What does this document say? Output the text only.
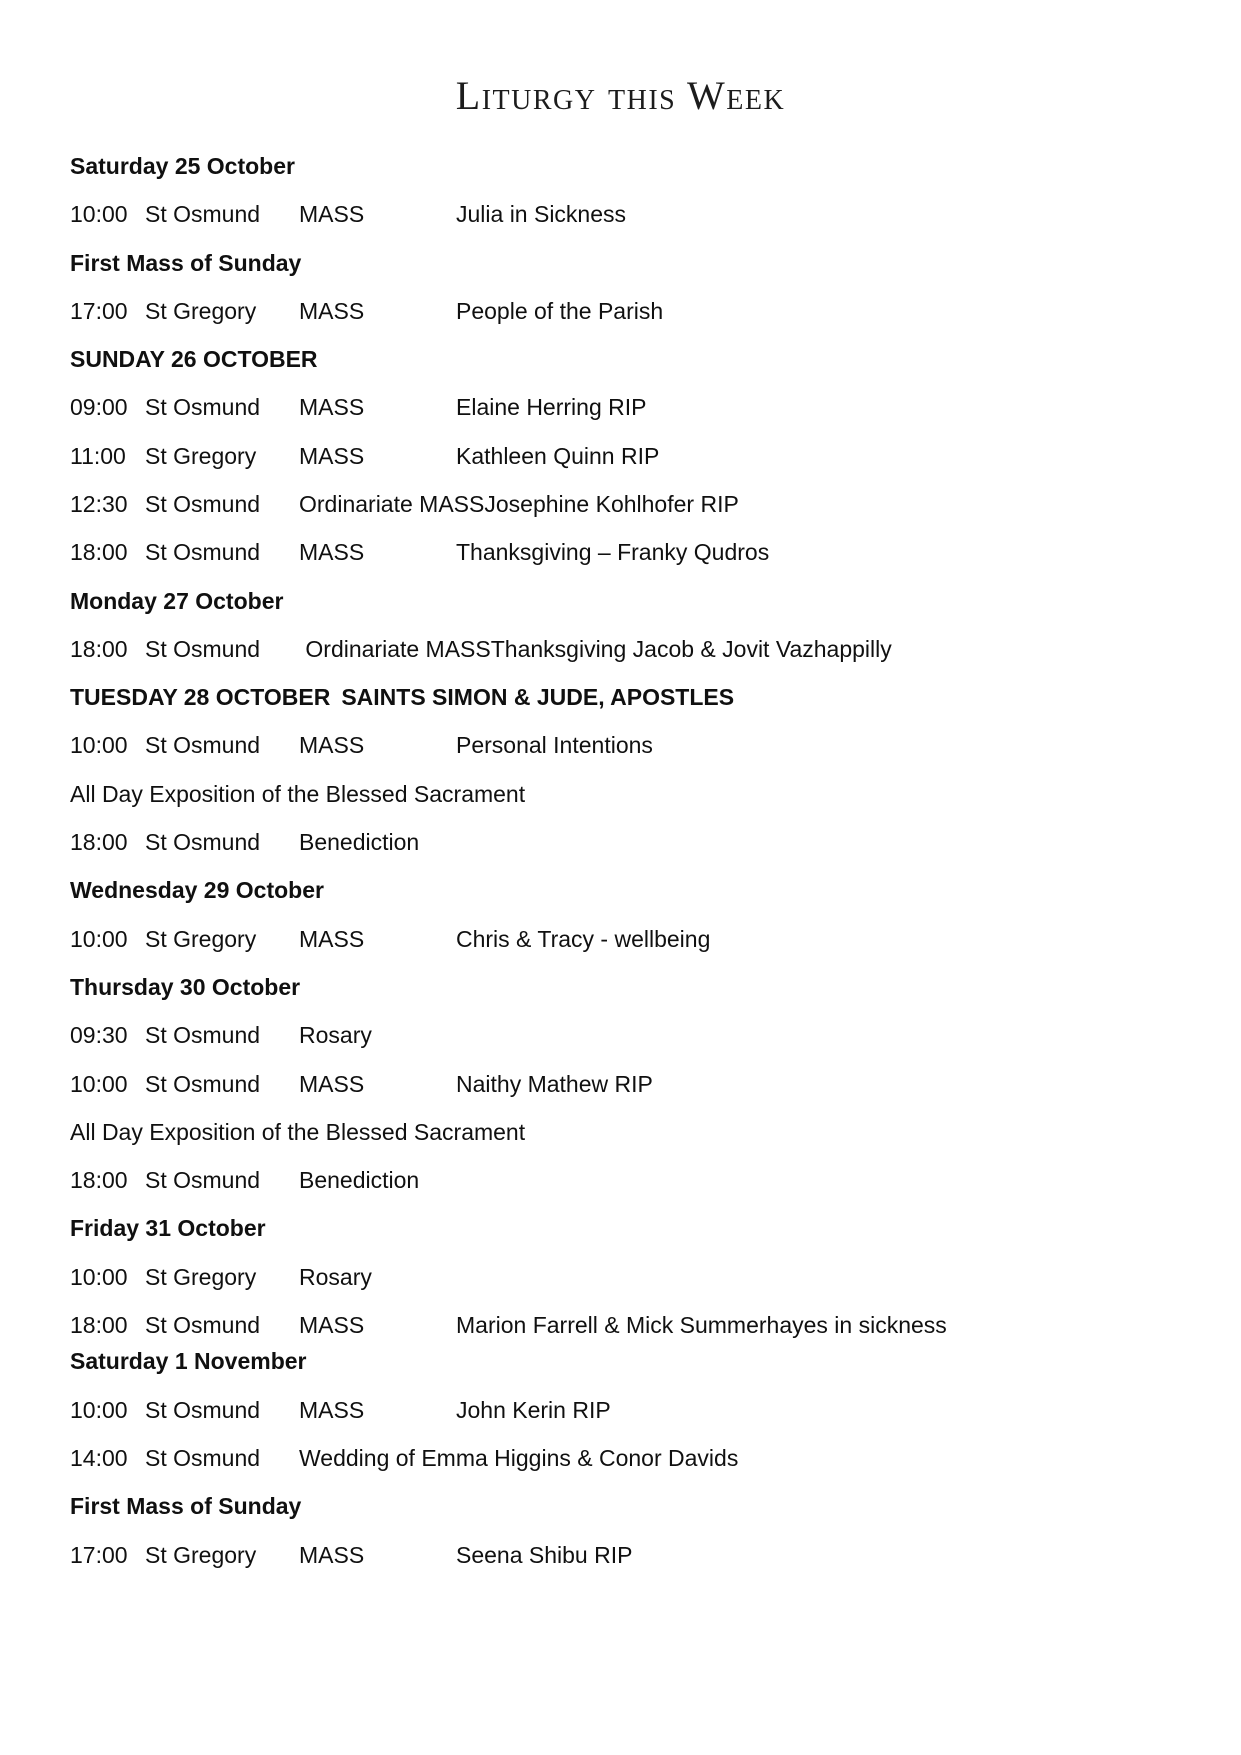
Liturgy this Week
Saturday 25 October
10:00 St Osmund	MASS	Julia in Sickness
First Mass of Sunday
17:00 St Gregory	MASS	People of the Parish
SUNDAY 26 OCTOBER
09:00 St Osmund	MASS	Elaine Herring RIP
11:00 St Gregory	MASS	Kathleen Quinn RIP
12:30 St Osmund	Ordinariate MASS Josephine Kohlhofer RIP
18:00 St Osmund	MASS	Thanksgiving – Franky Qudros
Monday 27 October
18:00 St Osmund	Ordinariate MASS Thanksgiving Jacob & Jovit Vazhappilly
TUESDAY 28 OCTOBER SAINTS SIMON & JUDE, APOSTLES
10:00 St Osmund	MASS	Personal Intentions
All Day Exposition of the Blessed Sacrament
18:00 St Osmund	Benediction
Wednesday 29 October
10:00 St Gregory	MASS	Chris & Tracy - wellbeing
Thursday 30 October
09:30 St Osmund	Rosary
10:00 St Osmund	MASS	Naithy Mathew RIP
All Day Exposition of the Blessed Sacrament
18:00 St Osmund	Benediction
Friday 31 October
10:00 St Gregory	Rosary
18:00 St Osmund	MASS	Marion Farrell & Mick Summerhayes in sickness
Saturday 1 November
10:00 St Osmund	MASS	John Kerin RIP
14:00 St Osmund	Wedding of Emma Higgins & Conor Davids
First Mass of Sunday
17:00 St Gregory	MASS	Seena Shibu RIP
